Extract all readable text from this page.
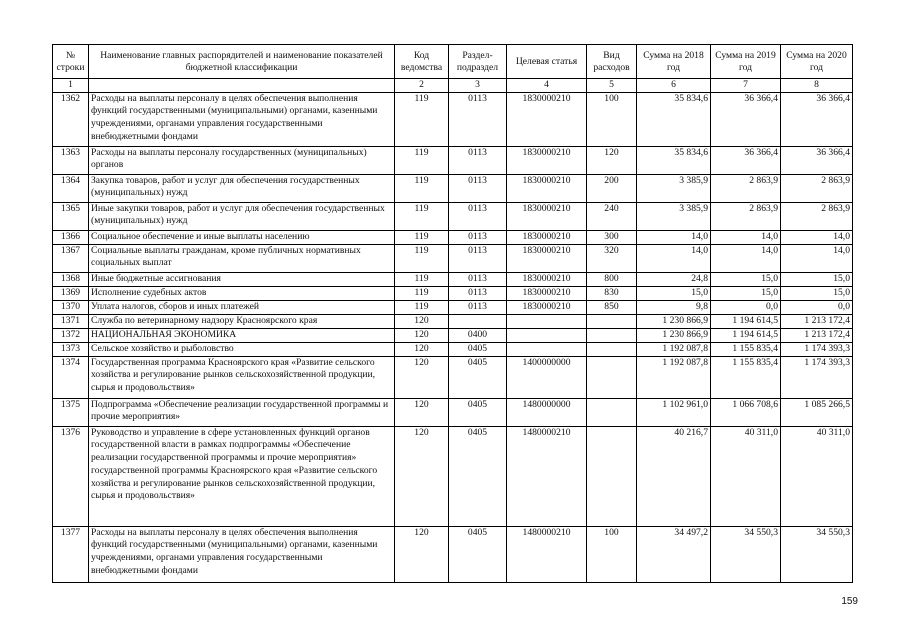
№ строки	Наименование главных распорядителей и наименование показателей бюджетной классификации	Код ведомства	Раздел-подраздел	Целевая статья	Вид расходов	Сумма на 2018 год	Сумма на 2019 год	Сумма на 2020 год
1		2	3	4	5	6	7	8
1362	Расходы на выплаты персоналу в целях обеспечения выполнения функций государственными (муниципальными) органами, казенными учреждениями, органами управления государственными внебюджетными фондами	119	0113	1830000210	100	35 834,6	36 366,4	36 366,4
1363	Расходы на выплаты персоналу государственных (муниципальных) органов	119	0113	1830000210	120	35 834,6	36 366,4	36 366,4
1364	Закупка товаров, работ и услуг для обеспечения государственных (муниципальных) нужд	119	0113	1830000210	200	3 385,9	2 863,9	2 863,9
1365	Иные закупки товаров, работ и услуг для обеспечения государственных (муниципальных) нужд	119	0113	1830000210	240	3 385,9	2 863,9	2 863,9
1366	Социальное обеспечение и иные выплаты населению	119	0113	1830000210	300	14,0	14,0	14,0
1367	Социальные выплаты гражданам, кроме публичных нормативных социальных выплат	119	0113	1830000210	320	14,0	14,0	14,0
1368	Иные бюджетные ассигнования	119	0113	1830000210	800	24,8	15,0	15,0
1369	Исполнение судебных актов	119	0113	1830000210	830	15,0	15,0	15,0
1370	Уплата налогов, сборов и иных платежей	119	0113	1830000210	850	9,8	0,0	0,0
1371	Служба по ветеринарному надзору Красноярского края	120				1 230 866,9	1 194 614,5	1 213 172,4
1372	НАЦИОНАЛЬНАЯ ЭКОНОМИКА	120	0400			1 230 866,9	1 194 614,5	1 213 172,4
1373	Сельское хозяйство и рыболовство	120	0405			1 192 087,8	1 155 835,4	1 174 393,3
1374	Государственная программа Красноярского края «Развитие сельского хозяйства и регулирование рынков сельскохозяйственной продукции, сырья и продовольствия»	120	0405	1400000000		1 192 087,8	1 155 835,4	1 174 393,3
1375	Подпрограмма «Обеспечение реализации государственной программы и прочие мероприятия»	120	0405	1480000000		1 102 961,0	1 066 708,6	1 085 266,5
1376	Руководство и управление в сфере установленных функций органов государственной власти в рамках подпрограммы «Обеспечение реализации государственной программы и прочие мероприятия» государственной программы Красноярского края «Развитие сельского хозяйства и регулирование рынков сельскохозяйственной продукции, сырья и продовольствия»	120	0405	1480000210		40 216,7	40 311,0	40 311,0
1377	Расходы на выплаты персоналу в целях обеспечения выполнения функций государственными (муниципальными) органами, казенными учреждениями, органами управления государственными внебюджетными фондами	120	0405	1480000210	100	34 497,2	34 550,3	34 550,3
159
